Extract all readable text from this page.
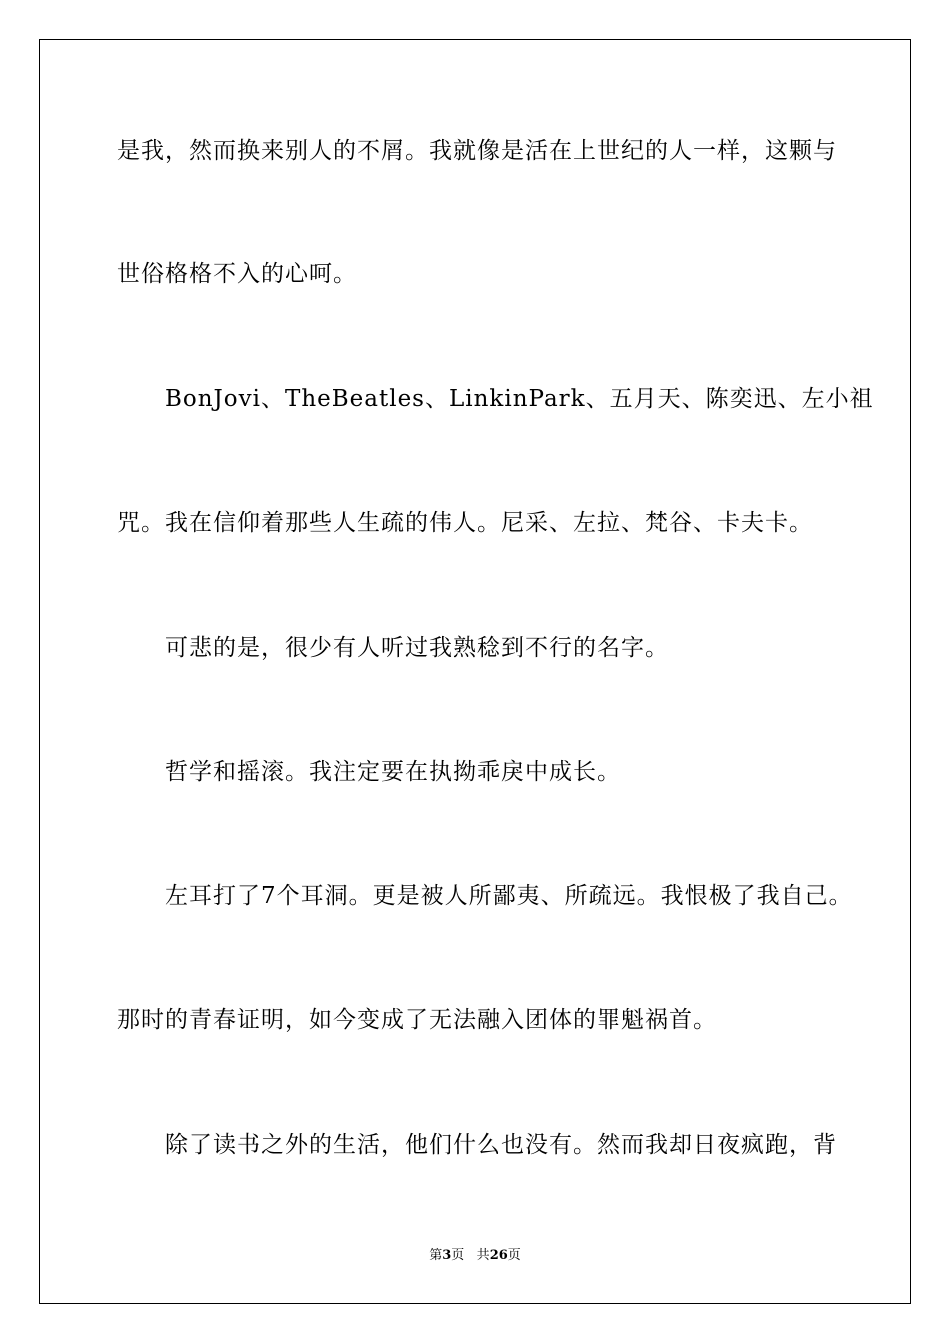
是我，然而换来别人的不屑。我就像是活在上世纪的人一样，这颗与
世俗格格不入的心呵。
BonJovi、TheBeatles、LinkinPark、五月天、陈奕迅、左小祖
咒。我在信仰着那些人生疏的伟人。尼采、左拉、梵谷、卡夫卡。
可悲的是，很少有人听过我熟稔到不行的名字。
哲学和摇滚。我注定要在执拗乖戾中成长。
左耳打了7个耳洞。更是被人所鄙夷、所疏远。我恨极了我自己。
那时的青春证明，如今变成了无法融入团体的罪魁祸首。
除了读书之外的生活，他们什么也没有。然而我却日夜疯跑，背
第3页 共26页
